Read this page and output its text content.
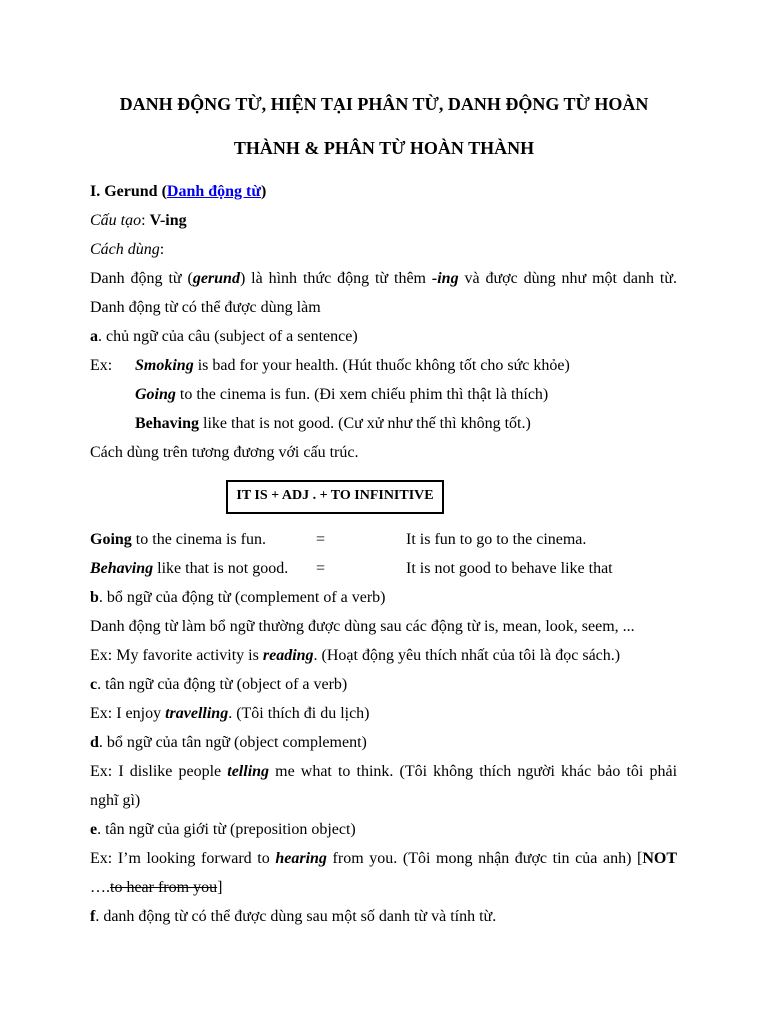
DANH ĐỘNG TỪ, HIỆN TẠI PHÂN TỪ, DANH ĐỘNG TỪ HOÀN
THÀNH & PHÂN TỪ HOÀN THÀNH
I. Gerund (Danh động từ)
Cấu tạo: V-ing
Cách dùng:
Danh động từ (gerund) là hình thức động từ thêm -ing và được dùng như một danh từ.
Danh động từ có thể được dùng làm
a. chủ ngữ của câu (subject of a sentence)
Ex: Smoking is bad for your health. (Hút thuốc không tốt cho sức khỏe)
Going to the cinema is fun. (Đi xem chiếu phim thì thật là thích)
Behaving like that is not good. (Cư xử như thế thì không tốt.)
Cách dùng trên tương đương với cấu trúc.
IT IS + ADJ . + TO INFINITIVE
Going to the cinema is fun.	=	It is fun to go to the cinema.
Behaving like that is not good. =	It is not good to behave like that
b. bổ ngữ của động từ (complement of a verb)
Danh động từ làm bổ ngữ thường được dùng sau các động từ is, mean, look, seem, ...
Ex: My favorite activity is reading. (Hoạt động yêu thích nhất của tôi là đọc sách.)
c. tân ngữ của động từ (object of a verb)
Ex: I enjoy travelling. (Tôi thích đi du lịch)
d. bổ ngữ của tân ngữ (object complement)
Ex: I dislike people telling me what to think. (Tôi không thích người khác bảo tôi phải
nghĩ gì)
e. tân ngữ của giới từ (preposition object)
Ex: I’m looking forward to hearing from you. (Tôi mong nhận được tin của anh) [NOT
….to hear from you]
f. danh động từ có thể được dùng sau một số danh từ và tính từ.
